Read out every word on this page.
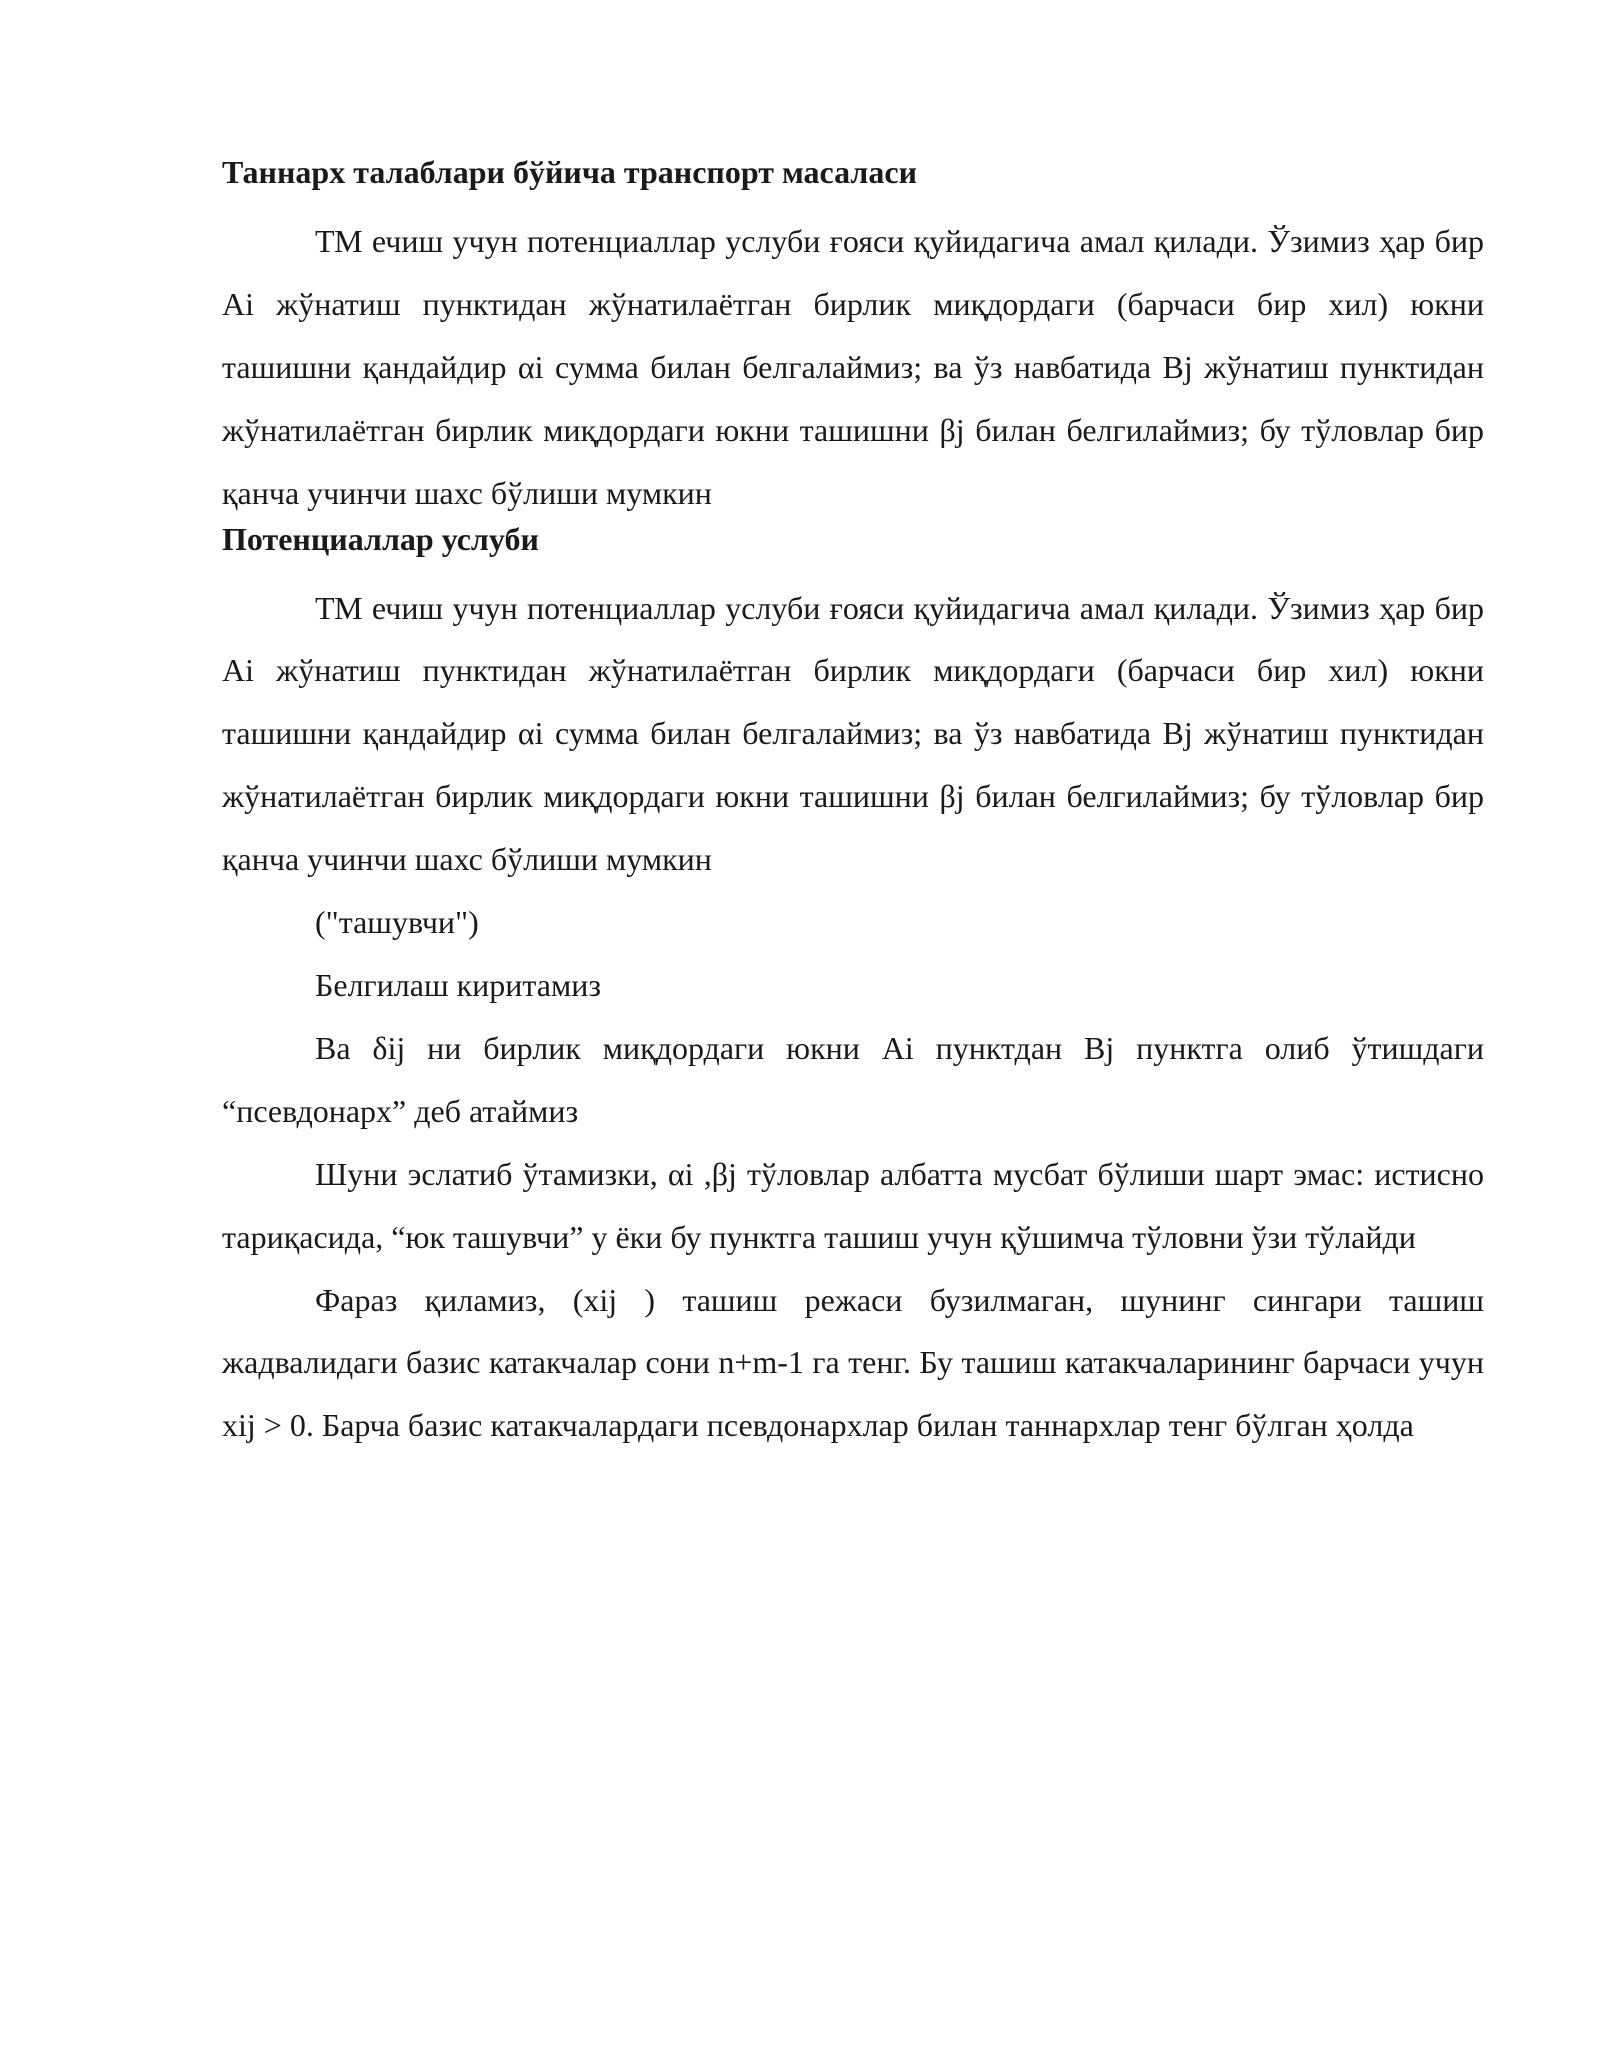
Таннарх талаблари бўйича транспорт масаласи

ТМ ечиш учун потенциаллар услуби ғояси қуйидагича амал қилади. Ўзимиз ҳар бир Ai жўнатиш пунктидан жўнатилаётган бирлик миқдордаги (барчаси бир хил) юкни ташишни қандайдир αi сумма билан белгалаймиз; ва ўз навбатида Bj жўнатиш пунктидан жўнатилаётган бирлик миқдордаги юкни ташишни βj билан белгилаймиз; бу тўловлар бир қанча учинчи шахс бўлиши мумкин

Потенциаллар услуби

ТМ ечиш учун потенциаллар услуби ғояси қуйидагича амал қилади. Ўзимиз ҳар бир Ai жўнатиш пунктидан жўнатилаётган бирлик миқдордаги (барчаси бир хил) юкни ташишни қандайдир αi сумма билан белгалаймиз; ва ўз навбатида Bj жўнатиш пунктидан жўнатилаётган бирлик миқдордаги юкни ташишни βj билан белгилаймиз; бу тўловлар бир қанча учинчи шахс бўлиши мумкин

("ташувчи")

Белгилаш киритамиз

Ва δij ни бирлик миқдордаги юкни Ai пунктдан Bj пунктга олиб ўтишдаги “псевдонарх” деб атаймиз

Шуни эслатиб ўтамизки, αi ,βj тўловлар албатта мусбат бўлиши шарт эмас: истисно тариқасида, “юк ташувчи” у ёки бу пунктга ташиш учун қўшимча тўловни ўзи тўлайди

Фараз қиламиз, (xij ) ташиш режаси бузилмаган, шунинг сингари ташиш жадвалидаги базис катакчалар сони n+m-1 га тенг. Бу ташиш катакчаларининг барчаси учун xij > 0. Барча базис катакчалардаги псевдонархлар билан таннархлар тенг бўлган ҳолда
